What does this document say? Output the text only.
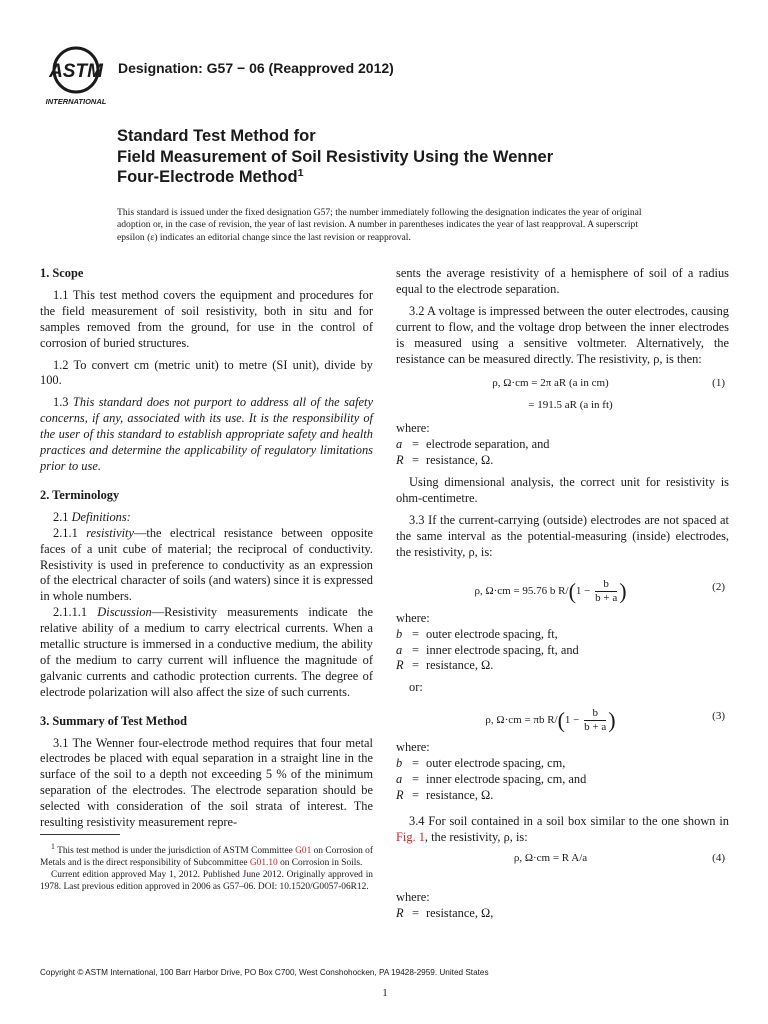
ASTM
INTERNATIONAL
Designation: G57 − 06 (Reapproved 2012)
Standard Test Method for
Field Measurement of Soil Resistivity Using the Wenner
Four-Electrode Method$^1$
This standard is issued under the fixed designation G57; the number immediately following the designation indicates the year of original adoption or, in the case of revision, the year of last revision. A number in parentheses indicates the year of last reapproval. A superscript epsilon (ε) indicates an editorial change since the last revision or reapproval.
1. Scope

1.1 This test method covers the equipment and procedures for the field measurement of soil resistivity, both in situ and for samples removed from the ground, for use in the control of corrosion of buried structures.

1.2 To convert cm (metric unit) to metre (SI unit), divide by 100.

1.3 This standard does not purport to address all of the safety concerns, if any, associated with its use. It is the responsibility of the user of this standard to establish appropriate safety and health practices and determine the applicability of regulatory limitations prior to use.

2. Terminology

2.1 Definitions:

2.1.1 resistivity—the electrical resistance between opposite faces of a unit cube of material; the reciprocal of conductivity. Resistivity is used in preference to conductivity as an expression of the electrical character of soils (and waters) since it is expressed in whole numbers.

2.1.1.1 Discussion—Resistivity measurements indicate the relative ability of a medium to carry electrical currents. When a metallic structure is immersed in a conductive medium, the ability of the medium to carry current will influence the magnitude of galvanic currents and cathodic protection currents. The degree of electrode polarization will also affect the size of such currents.

3. Summary of Test Method

3.1 The Wenner four-electrode method requires that four metal electrodes be placed with equal separation in a straight line in the surface of the soil to a depth not exceeding 5 % of the minimum separation of the electrodes. The electrode separation should be selected with consideration of the soil strata of interest. The resulting resistivity measurement repre-

sents the average resistivity of a hemisphere of soil of a radius equal to the electrode separation.

3.2 A voltage is impressed between the outer electrodes, causing current to flow, and the voltage drop between the inner electrodes is measured using a sensitive voltmeter. Alternatively, the resistance can be measured directly. The resistivity, ρ, is then:

ρ, Ω·cm = 2π aR (a in cm)	(1)
= 191.5 aR (a in ft)
where:
a = electrode separation, and
R = resistance, Ω.

Using dimensional analysis, the correct unit for resistivity is ohm-centimetre.

3.3 If the current-carrying (outside) electrodes are not spaced at the same interval as the potential-measuring (inside) electrodes, the resistivity, ρ, is:

ρ, Ω·cm = 95.76 b $R/(1 - \frac{b}{b + a}$ )	(2)
where:
b = outer electrode spacing, ft,
a = inner electrode spacing, ft, and
R = resistance, Ω.
or:
ρ, Ω·cm = πb $R/(1 - \frac{b}{b + a}$ )	(3)
where:
b = outer electrode spacing, cm,
a = inner electrode spacing, cm, and
R = resistance, Ω.

3.4 For soil contained in a soil box similar to the one shown in Fig. 1, the resistivity, ρ, is:

ρ, Ω·cm = R A/a	(4)
where:
R = resistance, Ω,

$^1$ This test method is under the jurisdiction of ASTM Committee G01 on Corrosion of Metals and is the direct responsibility of Subcommittee G01.10 on Corrosion in Soils.

Current edition approved May 1, 2012. Published June 2012. Originally approved in 1978. Last previous edition approved in 2006 as G57–06. DOI: 10.1520/G0057-06R12.

Copyright © ASTM International, 100 Barr Harbor Drive, PO Box C700, West Conshohocken, PA 19428-2959. United States
1
